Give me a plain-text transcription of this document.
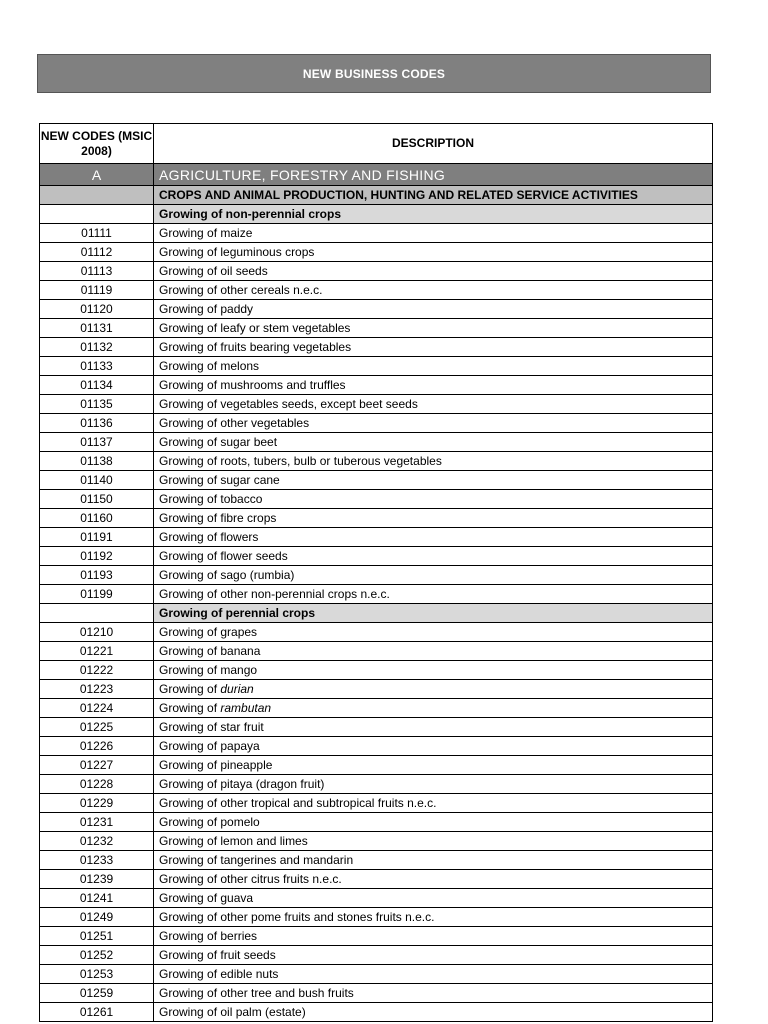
NEW BUSINESS CODES
NEW CODES (MSIC 2008)	DESCRIPTION
A	AGRICULTURE, FORESTRY AND FISHING
	CROPS AND ANIMAL PRODUCTION, HUNTING AND RELATED SERVICE ACTIVITIES
	Growing of non-perennial crops
01111	Growing of maize
01112	Growing of leguminous crops
01113	Growing of oil seeds
01119	Growing of other cereals n.e.c.
01120	Growing of paddy
01131	Growing of leafy or stem vegetables
01132	Growing of fruits bearing vegetables
01133	Growing of melons
01134	Growing of mushrooms and truffles
01135	Growing of vegetables seeds, except beet seeds
01136	Growing of other vegetables
01137	Growing of sugar beet
01138	Growing of roots, tubers, bulb or tuberous vegetables
01140	Growing of sugar cane
01150	Growing of tobacco
01160	Growing of fibre crops
01191	Growing of flowers
01192	Growing of flower seeds
01193	Growing of sago (rumbia)
01199	Growing of other non-perennial crops n.e.c.
	Growing of perennial crops
01210	Growing of grapes
01221	Growing of banana
01222	Growing of mango
01223	Growing of durian
01224	Growing of rambutan
01225	Growing of star fruit
01226	Growing of papaya
01227	Growing of pineapple
01228	Growing of pitaya (dragon fruit)
01229	Growing of other tropical and subtropical fruits n.e.c.
01231	Growing of pomelo
01232	Growing of lemon and limes
01233	Growing of tangerines and mandarin
01239	Growing of other citrus fruits n.e.c.
01241	Growing of guava
01249	Growing of other pome fruits and stones fruits n.e.c.
01251	Growing of berries
01252	Growing of fruit seeds
01253	Growing of edible nuts
01259	Growing of other tree and bush fruits
01261	Growing of oil palm (estate)
